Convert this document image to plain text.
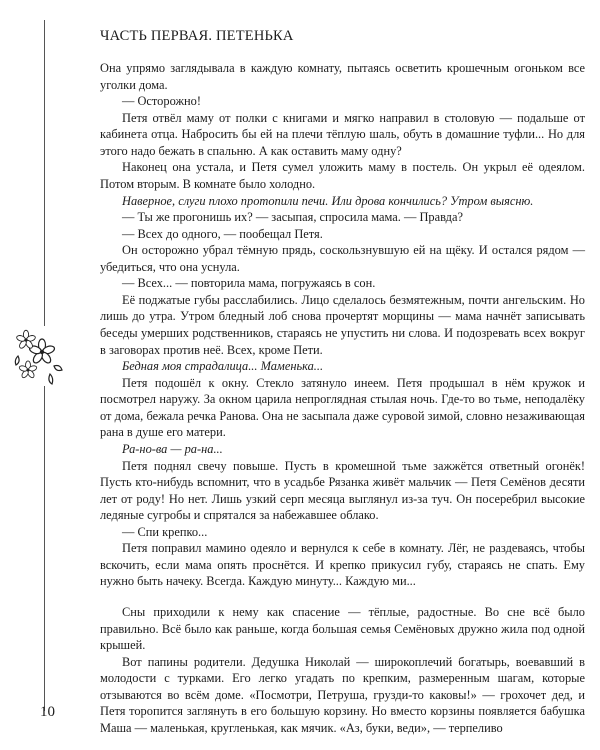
ЧАСТЬ ПЕРВАЯ. ПЕТЕНЬКА

Она упрямо заглядывала в каждую комнату, пытаясь осветить крошечным огоньком все уголки дома.

— Осторожно!

Петя отвёл маму от полки с книгами и мягко направил в столовую — подальше от кабинета отца. Набросить бы ей на плечи тёплую шаль, обуть в домашние туфли... Но для этого надо бежать в спальню. А как оставить маму одну?

Наконец она устала, и Петя сумел уложить маму в постель. Он укрыл её одеялом. Потом вторым. В комнате было холодно.

Наверное, слуги плохо протопили печи. Или дрова кончились? Утром выясню.

— Ты же прогонишь их? — засыпая, спросила мама. — Правда?

— Всех до одного, — пообещал Петя.

Он осторожно убрал тёмную прядь, соскользнувшую ей на щёку. И остался рядом — убедиться, что она уснула.

— Всех... — повторила мама, погружаясь в сон.

Её поджатые губы расслабились. Лицо сделалось безмятежным, почти ангельским. Но лишь до утра. Утром бледный лоб снова прочертят морщины — мама начнёт записывать беседы умерших родственников, стараясь не упустить ни слова. И подозревать всех вокруг в заговорах против неё. Всех, кроме Пети.

Бедная моя страдалица... Маменька...

Петя подошёл к окну. Стекло затянуло инеем. Петя продышал в нём кружок и посмотрел наружу. За окном царила непроглядная стылая ночь. Где-то во тьме, неподалёку от дома, бежала речка Ранова. Она не засыпала даже суровой зимой, словно незаживающая рана в душе его матери.

Ра-но-ва — ра-на...

Петя поднял свечу повыше. Пусть в кромешной тьме зажжётся ответный огонёк! Пусть кто-нибудь вспомнит, что в усадьбе Рязанка живёт мальчик — Петя Семёнов десяти лет от роду! Но нет. Лишь узкий серп месяца выглянул из-за туч. Он посеребрил высокие ледяные сугробы и спрятался за набежавшее облако.

— Спи крепко...

Петя поправил мамино одеяло и вернулся к себе в комнату. Лёг, не раздеваясь, чтобы вскочить, если мама опять проснётся. И крепко прикусил губу, стараясь не спать. Ему нужно быть начеку. Всегда. Каждую минуту... Каждую ми...

Сны приходили к нему как спасение — тёплые, радостные. Во сне всё было правильно. Всё было как раньше, когда большая семья Семёновых дружно жила под одной крышей.

Вот папины родители. Дедушка Николай — широкоплечий богатырь, воевавший в молодости с турками. Его легко угадать по крепким, размеренным шагам, которые отзываются во всём доме. «Посмотри, Петруша, грузди-то каковы!» — грохочет дед, и Петя торопится заглянуть в его большую корзину. Но вместо корзины появляется бабушка Маша — маленькая, кругленькая, как мячик. «Аз, буки, веди», — терпеливо

10
